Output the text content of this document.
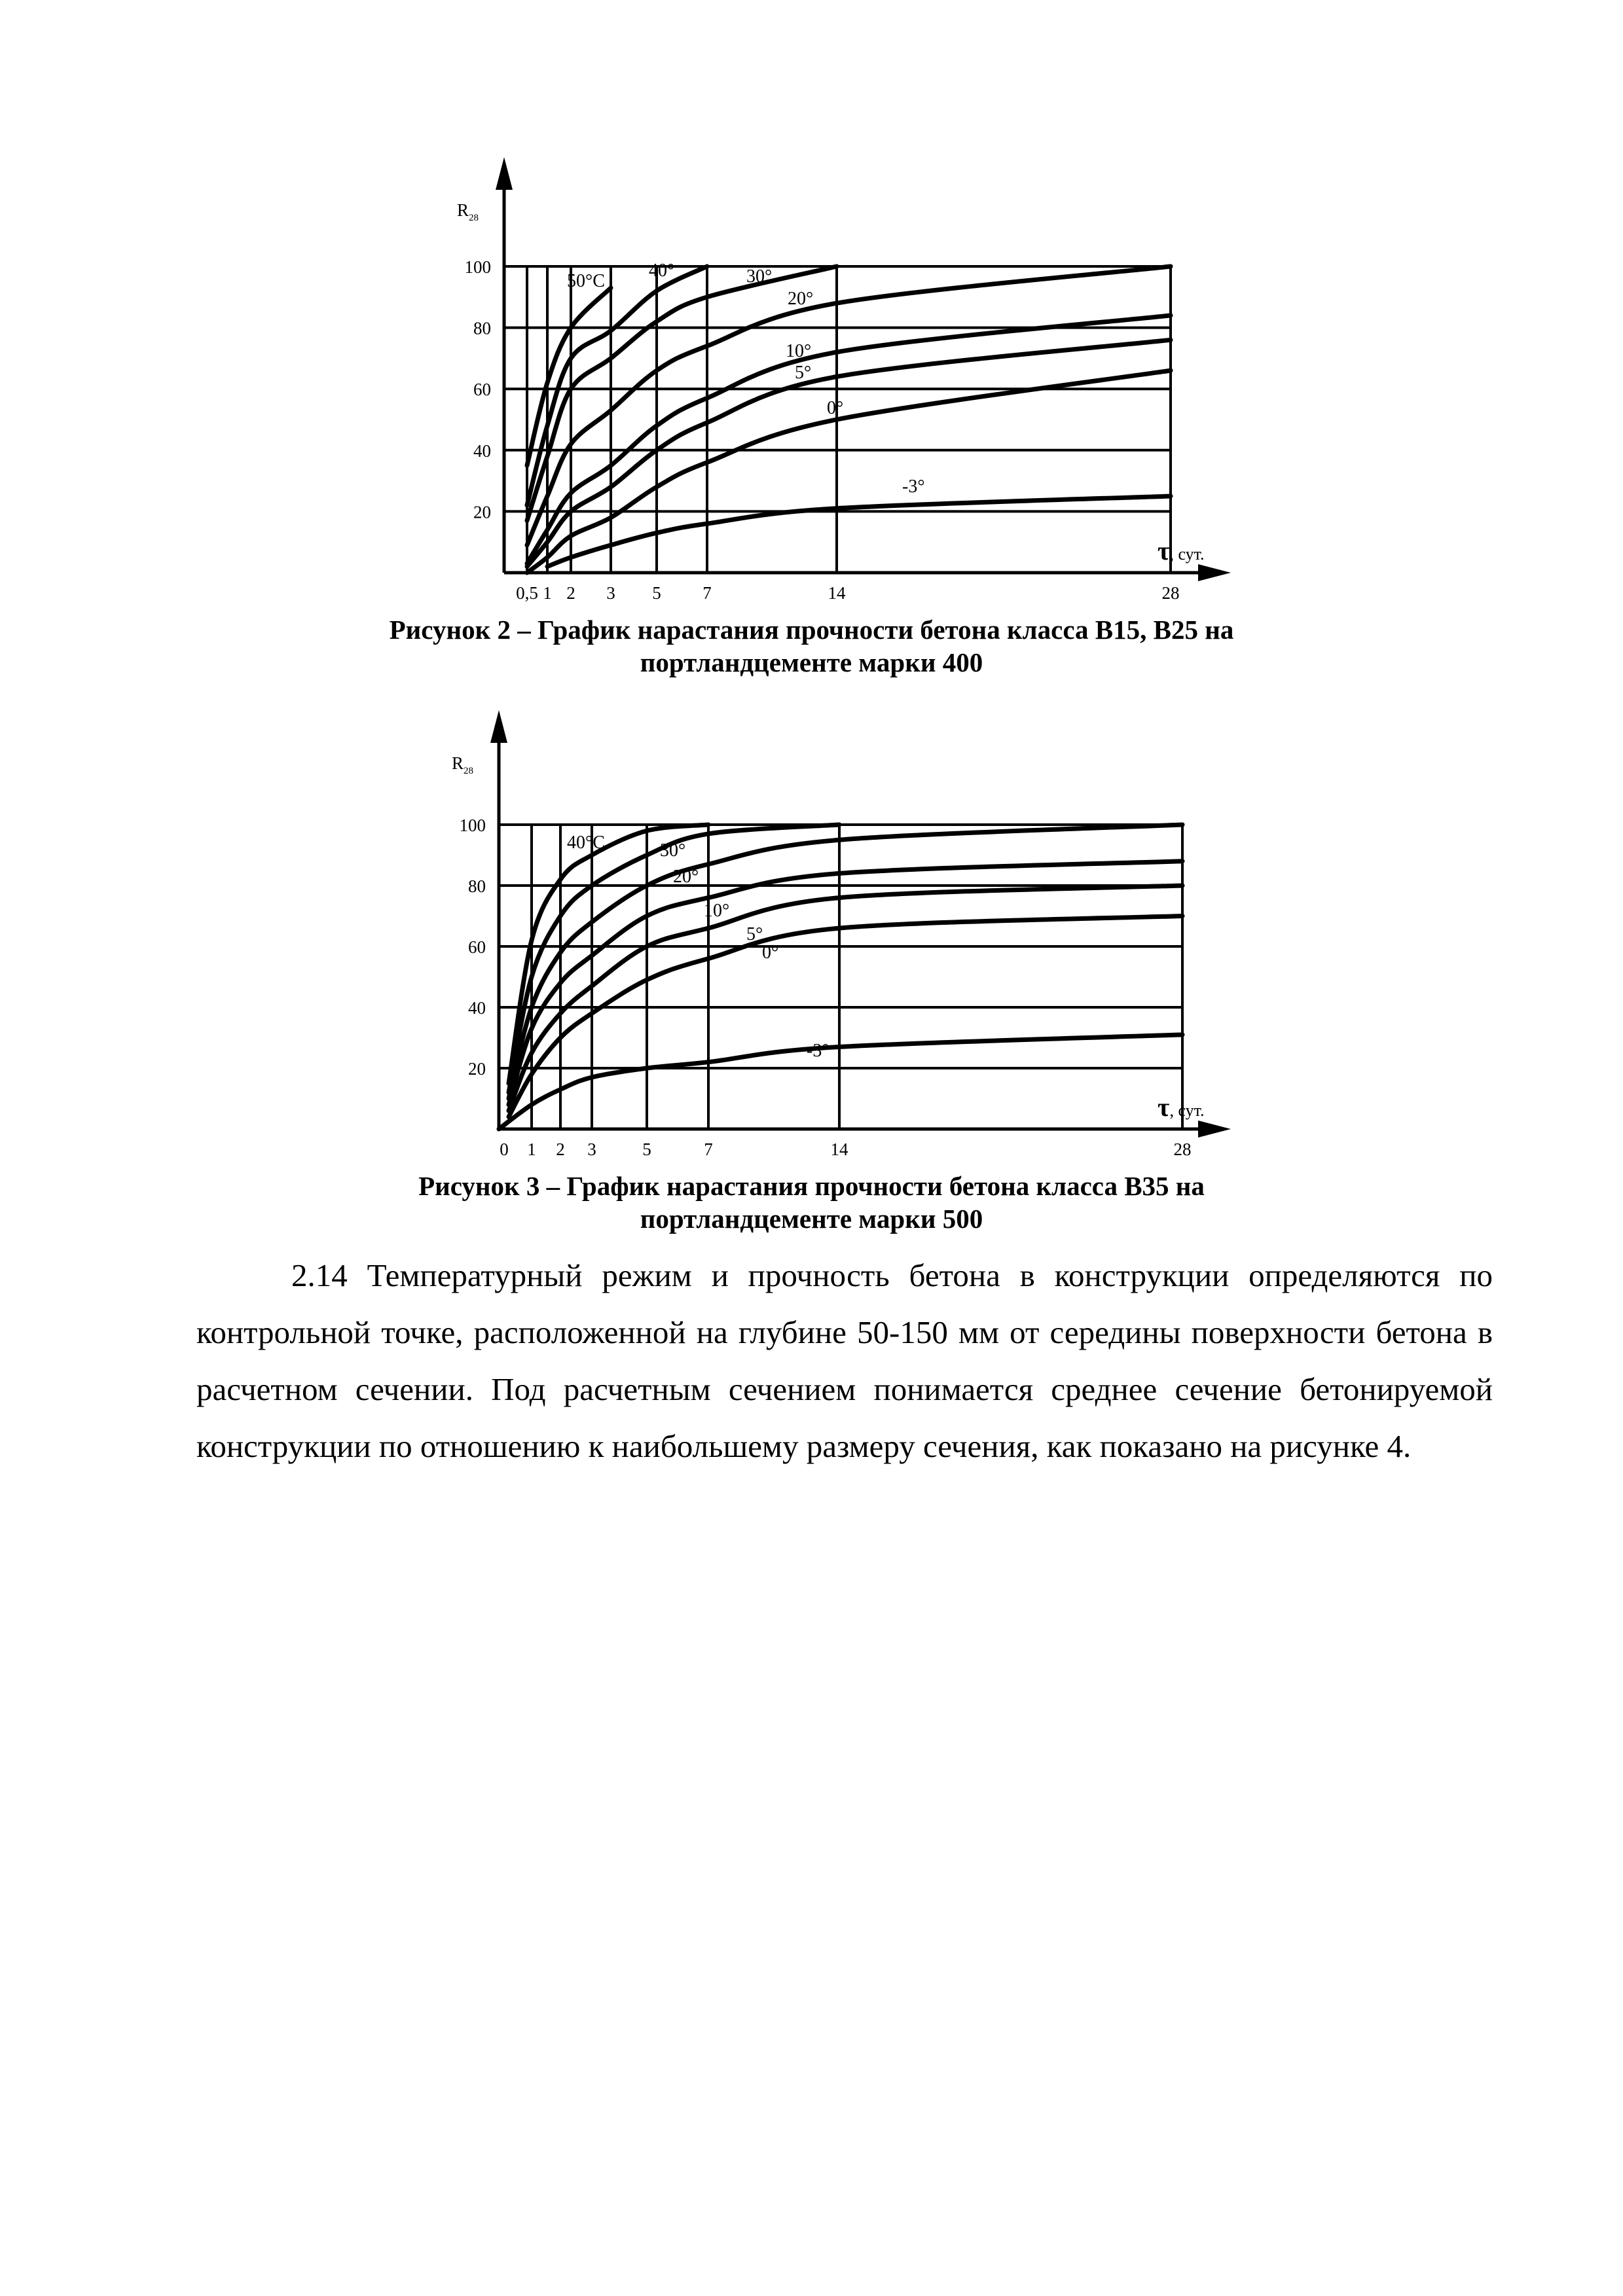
$R_{28}$
τ, сут.
20
40
60
80
100
0,5 1 2 3 5 7	14	28
50°C
40°	30°
20°
10°
5°
0°
-3°
Рисунок 2 – График нарастания прочности бетона класса В15, В25 на
портландцементе марки 400
$R_{28}$
τ, сут.
20
40
60
80
100
0 1 2 3	5	7	14	28
40°C	30°
20°
10°
5°
0°
-3°
Рисунок 3 – График нарастания прочности бетона класса В35 на
портландцементе марки 500

2.14 Температурный режим и прочность бетона в конструкции определяются по контрольной точке, расположенной на глубине 50-150 мм от середины поверхности бетона в расчетном сечении. Под расчетным сечением понимается среднее сечение бетонируемой конструкции по отношению к наибольшему размеру сечения, как показано на рисунке 4.
